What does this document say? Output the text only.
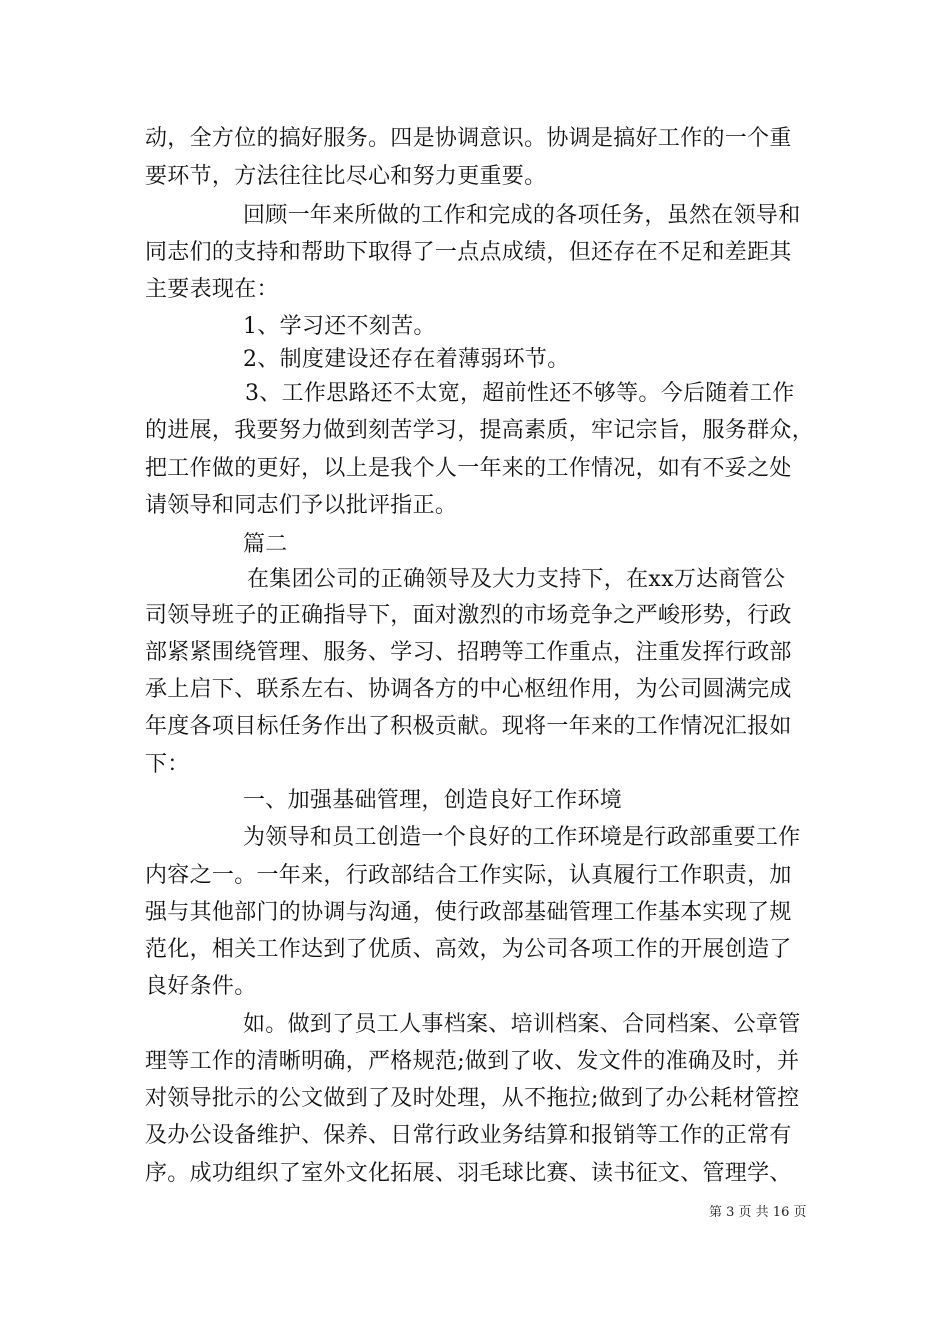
动，全方位的搞好服务。四是协调意识。协调是搞好工作的一个重
要环节，方法往往比尽心和努力更重要。
回顾一年来所做的工作和完成的各项任务，虽然在领导和
同志们的支持和帮助下取得了一点点成绩，但还存在不足和差距其
主要表现在：
1、学习还不刻苦。
2、制度建设还存在着薄弱环节。
3、工作思路还不太宽，超前性还不够等。今后随着工作
的进展，我要努力做到刻苦学习，提高素质，牢记宗旨，服务群众，
把工作做的更好，以上是我个人一年来的工作情况，如有不妥之处
请领导和同志们予以批评指正。
篇二
在集团公司的正确领导及大力支持下，在xx万达商管公
司领导班子的正确指导下，面对激烈的市场竞争之严峻形势，行政
部紧紧围绕管理、服务、学习、招聘等工作重点，注重发挥行政部
承上启下、联系左右、协调各方的中心枢纽作用，为公司圆满完成
年度各项目标任务作出了积极贡献。现将一年来的工作情况汇报如
下：
一、加强基础管理，创造良好工作环境
为领导和员工创造一个良好的工作环境是行政部重要工作
内容之一。一年来，行政部结合工作实际，认真履行工作职责，加
强与其他部门的协调与沟通，使行政部基础管理工作基本实现了规
范化，相关工作达到了优质、高效，为公司各项工作的开展创造了
良好条件。
如。做到了员工人事档案、培训档案、合同档案、公章管
理等工作的清晰明确，严格规范;做到了收、发文件的准确及时，并
对领导批示的公文做到了及时处理，从不拖拉;做到了办公耗材管控
及办公设备维护、保养、日常行政业务结算和报销等工作的正常有
序。成功组织了室外文化拓展、羽毛球比赛、读书征文、管理学、
第 3 页 共 16 页
